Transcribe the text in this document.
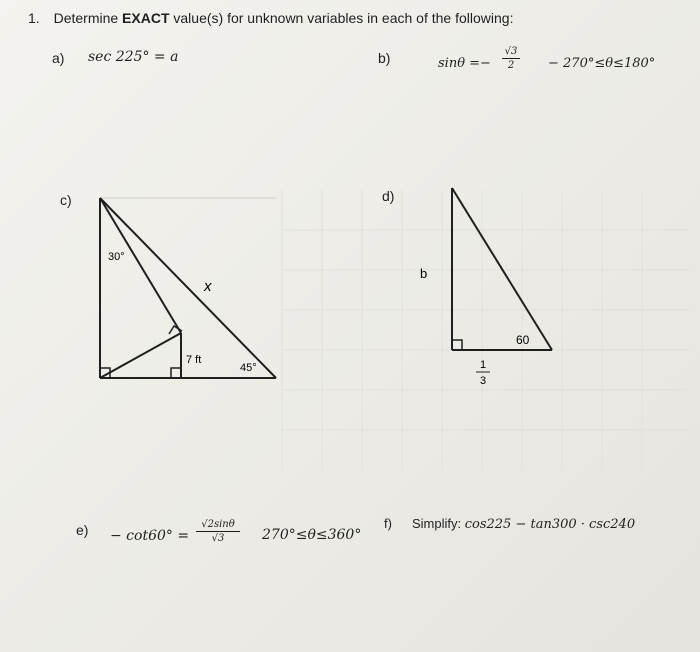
1. Determine EXACT value(s) for unknown variables in each of the following:
a) sec 225° = a	b)	sinθ =−
√3
2	− 270°≤θ≤180°
c)
30°
x
7 ft
45°
d)
b
60
1
3
e) − cot60° =
√2sinθ
√3	270°≤θ≤360°
f) Simplify: cos225 − tan300 · csc240
